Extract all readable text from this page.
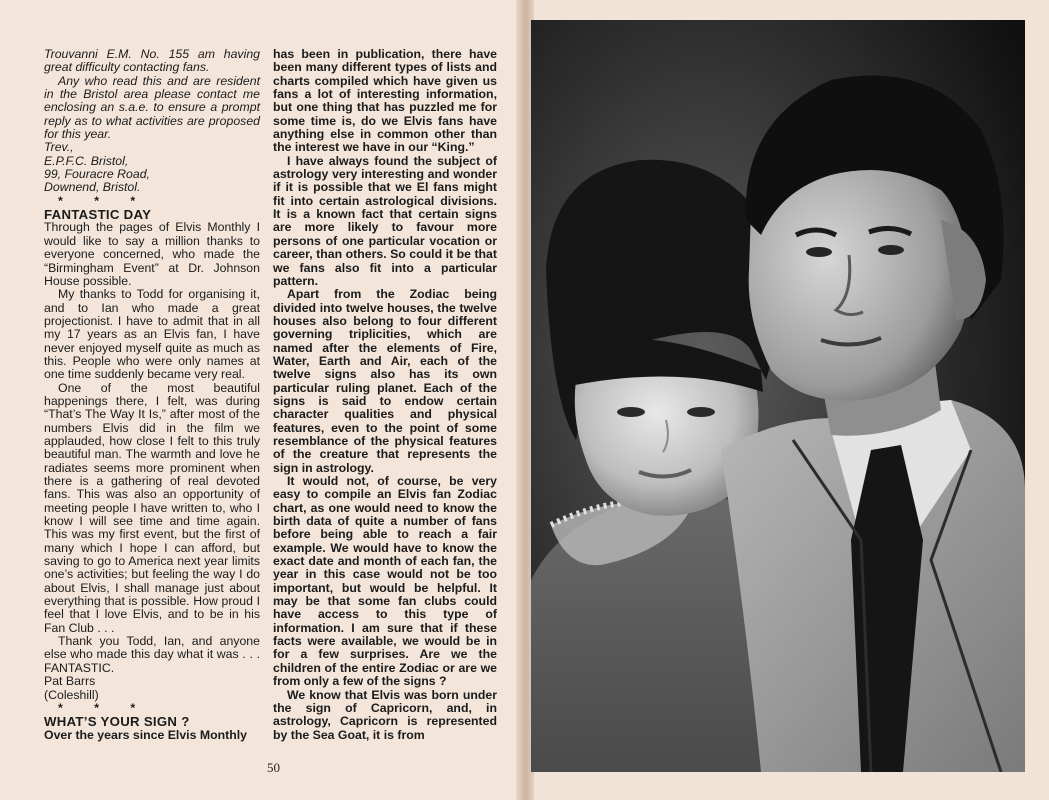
Trouvanni E.M. No. 155 am having great difficulty contacting fans.

Any who read this and are resident in the Bristol area please contact me enclosing an s.a.e. to ensure a prompt reply as to what activities are proposed for this year.

Trev.,

E.P.F.C. Bristol,

99, Fouracre Road,

Downend, Bristol.

* * *

FANTASTIC DAY

Through the pages of Elvis Monthly I would like to say a million thanks to everyone concerned, who made the “Birmingham Event” at Dr. Johnson House possible.

My thanks to Todd for organising it, and to Ian who made a great projectionist. I have to admit that in all my 17 years as an Elvis fan, I have never enjoyed myself quite as much as this. People who were only names at one time suddenly became very real.

One of the most beautiful happenings there, I felt, was during “That’s The Way It Is,” after most of the numbers Elvis did in the film we applauded, how close I felt to this truly beautiful man. The warmth and love he radiates seems more prominent when there is a gathering of real devoted fans. This was also an opportunity of meeting people I have written to, who I know I will see time and time again. This was my first event, but the first of many which I hope I can afford, but saving to go to America next year limits one’s activities; but feeling the way I do about Elvis, I shall manage just about everything that is possible. How proud I feel that I love Elvis, and to be in his Fan Club . . .

Thank you Todd, Ian, and anyone else who made this day what it was . . . FANTASTIC.

Pat Barrs

(Coleshill)

* * *

WHAT’S YOUR SIGN ?

Over the years since Elvis Monthly

has been in publication, there have been many different types of lists and charts compiled which have given us fans a lot of interesting information, but one thing that has puzzled me for some time is, do we Elvis fans have anything else in common other than the interest we have in our “King.”

I have always found the subject of astrology very interesting and wonder if it is possible that we El fans might fit into certain astrological divisions. It is a known fact that certain signs are more likely to favour more persons of one particular vocation or career, than others. So could it be that we fans also fit into a particular pattern.

Apart from the Zodiac being divided into twelve houses, the twelve houses also belong to four different governing triplicities, which are named after the elements of Fire, Water, Earth and Air, each of the twelve signs also has its own particular ruling planet. Each of the signs is said to endow certain character qualities and physical features, even to the point of some resemblance of the physical features of the creature that represents the sign in astrology.

It would not, of course, be very easy to compile an Elvis fan Zodiac chart, as one would need to know the birth data of quite a number of fans before being able to reach a fair example. We would have to know the exact date and month of each fan, the year in this case would not be too important, but would be helpful. It may be that some fan clubs could have access to this type of information. I am sure that if these facts were available, we would be in for a few surprises. Are we the children of the entire Zodiac or are we from only a few of the signs ?

We know that Elvis was born under the sign of Capricorn, and, in astrology, Capricorn is represented by the Sea Goat, it is from

50
